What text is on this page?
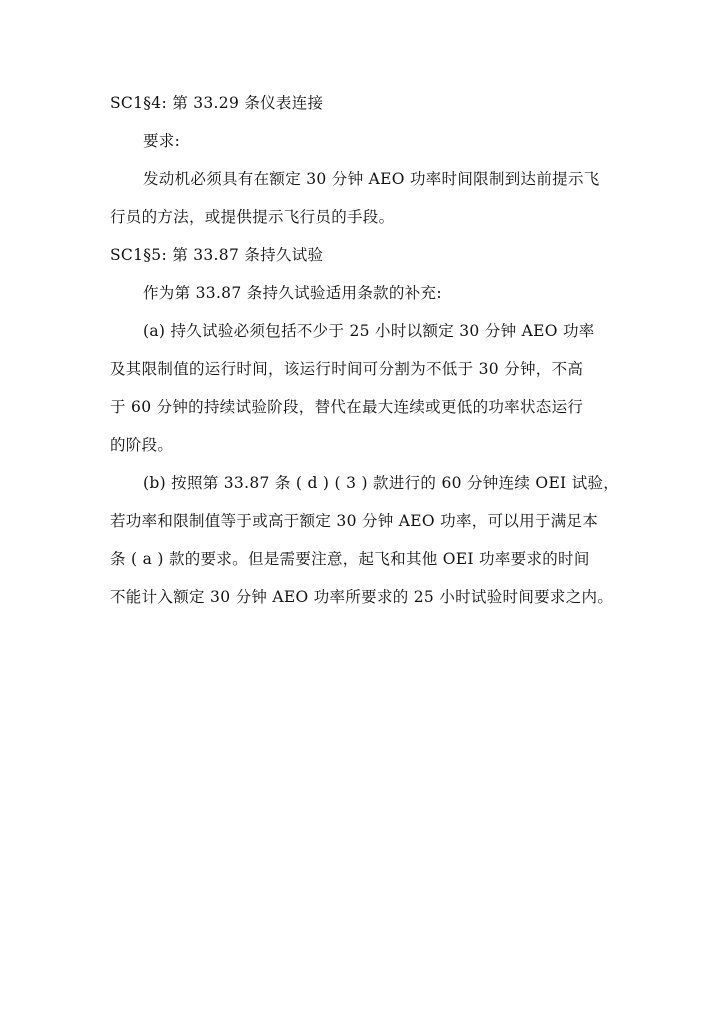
SC1§4: 第 33.29 条仪表连接
要求:
发动机必须具有在额定 30 分钟 AEO 功率时间限制到达前提示飞
行员的方法，或提供提示飞行员的手段。
SC1§5: 第 33.87 条持久试验
作为第 33.87 条持久试验适用条款的补充:
(a) 持久试验必须包括不少于 25 小时以额定 30 分钟 AEO 功率
及其限制值的运行时间，该运行时间可分割为不低于 30 分钟，不高
于 60 分钟的持续试验阶段，替代在最大连续或更低的功率状态运行
的阶段。
(b) 按照第 33.87 条 ( d ) ( 3 ) 款进行的 60 分钟连续 OEI 试验，
若功率和限制值等于或高于额定 30 分钟 AEO 功率，可以用于满足本
条 ( a ) 款的要求。但是需要注意，起飞和其他 OEI 功率要求的时间
不能计入额定 30 分钟 AEO 功率所要求的 25 小时试验时间要求之内。
